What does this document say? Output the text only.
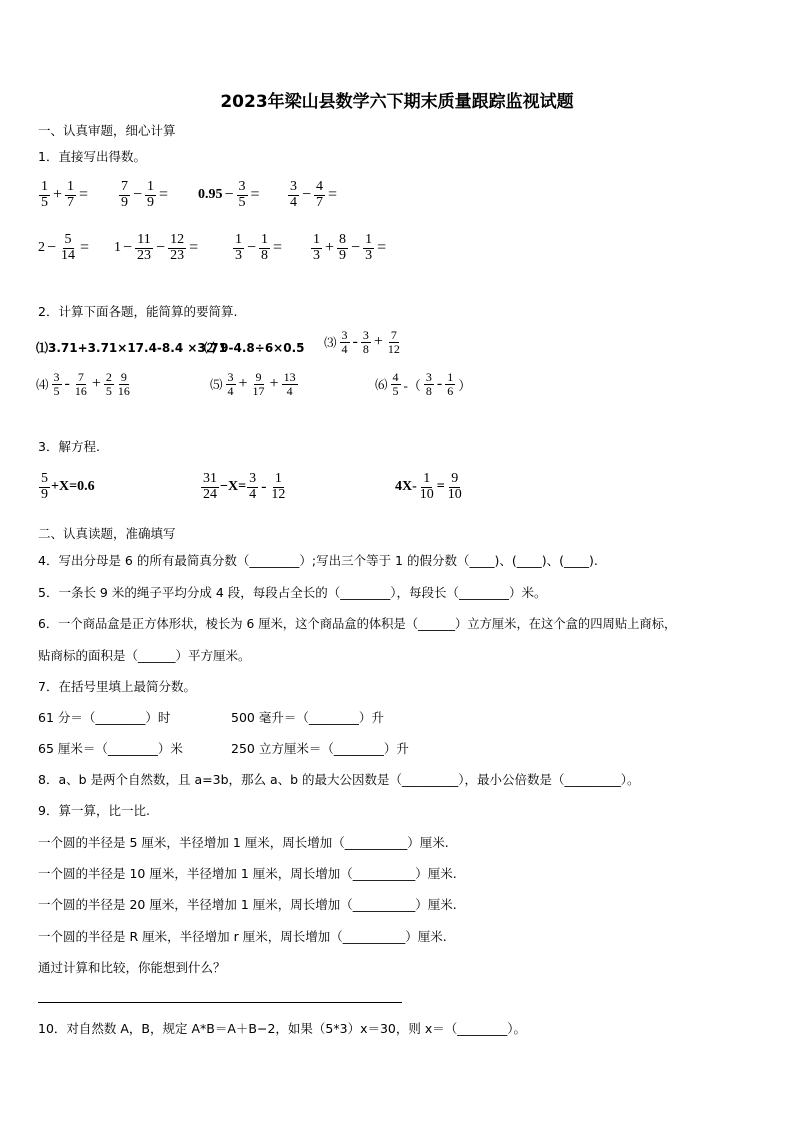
2023年梁山县数学六下期末质量跟踪监视试题
一、认真审题，细心计算
1．直接写出得数。
1
$5 + \frac{1}{7} = 7$
$9 - \frac{1}{9} = 0.95 - \frac{3}{5} = 3$
$4 - \frac{4}{7}$ =
$2 - \frac{5}{14} = 1 - \frac{11}{23} - \frac{12}{23}$ =	1
$3 - \frac{1}{8} = 1$
$3 + \frac{8}{9} - \frac{1}{3}$ =
2．计算下面各题，能简算的要简算.
⑴3.71+3.71×17.4-8.4 ×3.71
⑵ 9-4.8÷6×0.5 ⑶
3
4 - 3
$8 + \frac{7}{12}$
⑷
3
5 - 7
$16 + \frac{2}{5} 9$
16	⑸
3
$4 + \frac{9}{17} + \frac{13}{4}$	⑹
4
5 -（
3
8 - 1
6 ）
3．解方程.
5
9 +X=0.6
31
$24 -X= \frac{3}{4} - 1$
12	$4X- \frac{1}{10} = \frac{9}{10}$
二、认真读题，准确填写
4．写出分母是 6 的所有最简真分数（________）;写出三个等于 1 的假分数（____)、(____)、(____).
5．一条长 9 米的绳子平均分成 4 段，每段占全长的（________），每段长（________）米。
6．一个商品盒是正方体形状，棱长为 6 厘米，这个商品盒的体积是（______）立方厘米，在这个盒的四周贴上商标，
贴商标的面积是（______）平方厘米。
7．在括号里填上最简分数。
61 分＝（________）时	500 毫升＝（________）升
65 厘米＝（________）米	250 立方厘米＝（________）升
8．a、b 是两个自然数，且 a=3b，那么 a、b 的最大公因数是（_________），最小公倍数是（_________）。
9．算一算，比一比.
一个圆的半径是 5 厘米，半径增加 1 厘米，周长增加（__________）厘米.
一个圆的半径是 10 厘米，半径增加 1 厘米，周长增加（__________）厘米.
一个圆的半径是 20 厘米，半径增加 1 厘米，周长增加（__________）厘米.
一个圆的半径是 R 厘米，半径增加 r 厘米，周长增加（__________）厘米.
通过计算和比较，你能想到什么？
10．对自然数 A，B，规定 A*B＝A＋B−2，如果（5*3）x＝30，则 x＝（________）。
